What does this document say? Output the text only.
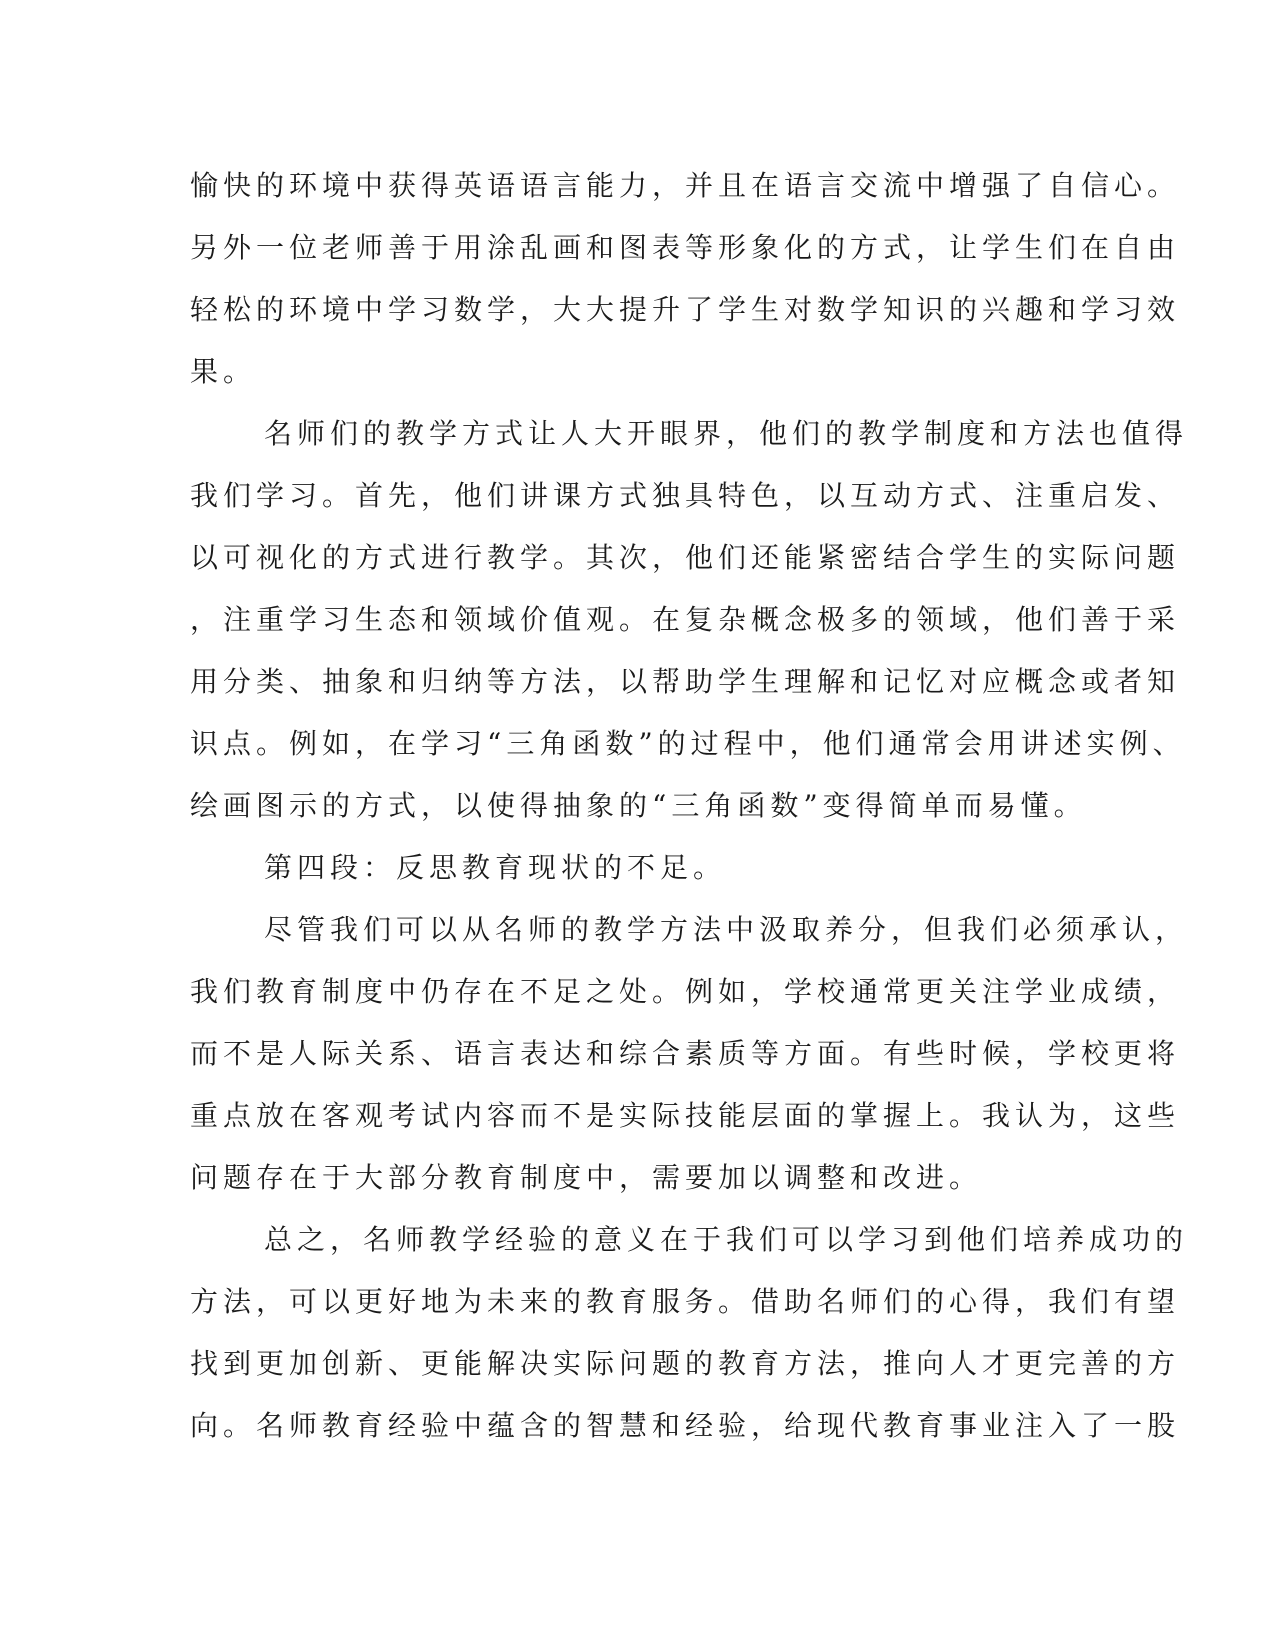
愉快的环境中获得英语语言能力，并且在语言交流中增强了自信心。
另外一位老师善于用涂乱画和图表等形象化的方式，让学生们在自由
轻松的环境中学习数学，大大提升了学生对数学知识的兴趣和学习效
果。
名师们的教学方式让人大开眼界，他们的教学制度和方法也值得
我们学习。首先，他们讲课方式独具特色，以互动方式、注重启发、
以可视化的方式进行教学。其次，他们还能紧密结合学生的实际问题
，注重学习生态和领域价值观。在复杂概念极多的领域，他们善于采
用分类、抽象和归纳等方法，以帮助学生理解和记忆对应概念或者知
识点。例如，在学习“三角函数”的过程中，他们通常会用讲述实例、
绘画图示的方式，以使得抽象的“三角函数”变得简单而易懂。
第四段：反思教育现状的不足。
尽管我们可以从名师的教学方法中汲取养分，但我们必须承认，
我们教育制度中仍存在不足之处。例如，学校通常更关注学业成绩，
而不是人际关系、语言表达和综合素质等方面。有些时候，学校更将
重点放在客观考试内容而不是实际技能层面的掌握上。我认为，这些
问题存在于大部分教育制度中，需要加以调整和改进。
总之，名师教学经验的意义在于我们可以学习到他们培养成功的
方法，可以更好地为未来的教育服务。借助名师们的心得，我们有望
找到更加创新、更能解决实际问题的教育方法，推向人才更完善的方
向。名师教育经验中蕴含的智慧和经验，给现代教育事业注入了一股
